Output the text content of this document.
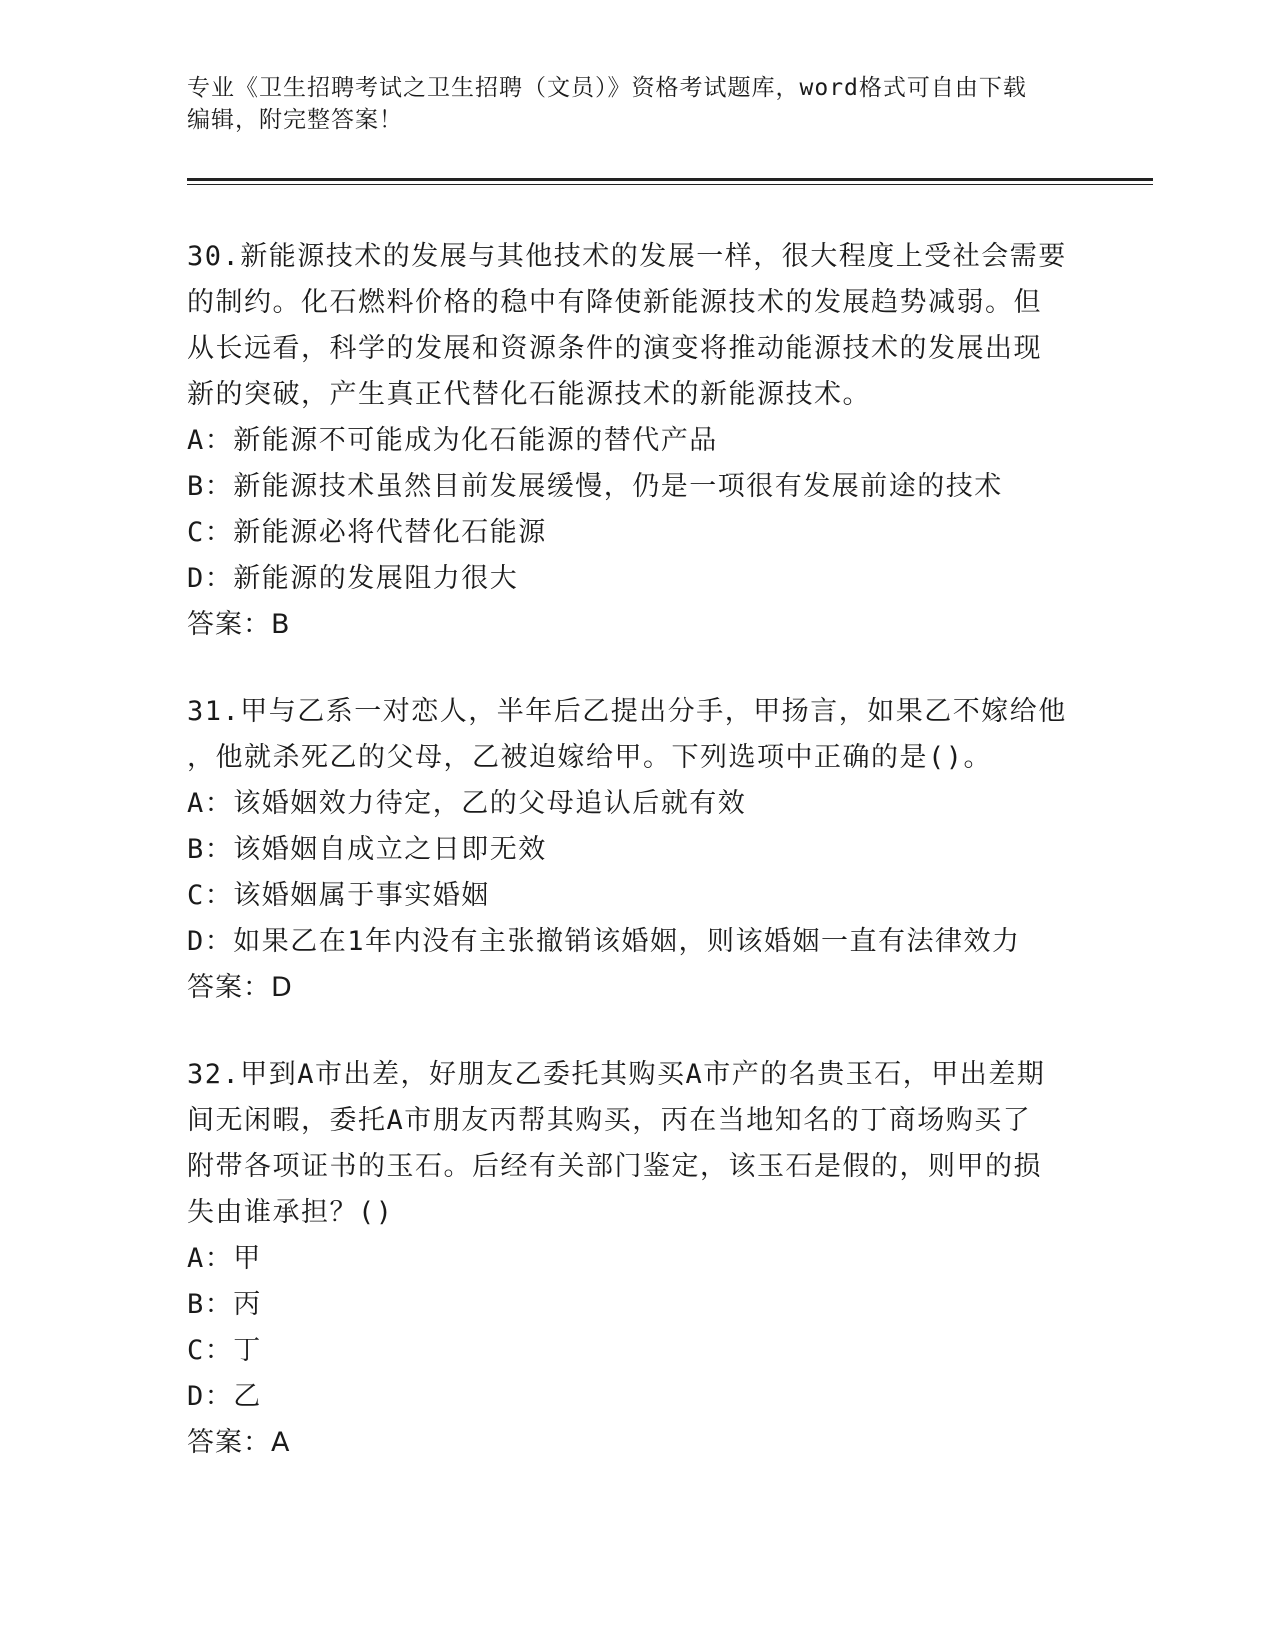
专业《卫生招聘考试之卫生招聘（文员）》资格考试题库，word格式可自由下载
编辑，附完整答案！
30.新能源技术的发展与其他技术的发展一样，很大程度上受社会需要
的制约。化石燃料价格的稳中有降使新能源技术的发展趋势减弱。但
从长远看，科学的发展和资源条件的演变将推动能源技术的发展出现
新的突破，产生真正代替化石能源技术的新能源技术。
A：新能源不可能成为化石能源的替代产品
B：新能源技术虽然目前发展缓慢，仍是一项很有发展前途的技术
C：新能源必将代替化石能源
D：新能源的发展阻力很大
答案：B
31.甲与乙系一对恋人，半年后乙提出分手，甲扬言，如果乙不嫁给他
，他就杀死乙的父母，乙被迫嫁给甲。下列选项中正确的是()。
A：该婚姻效力待定，乙的父母追认后就有效
B：该婚姻自成立之日即无效
C：该婚姻属于事实婚姻
D：如果乙在1年内没有主张撤销该婚姻，则该婚姻一直有法律效力
答案：D
32.甲到A市出差，好朋友乙委托其购买A市产的名贵玉石，甲出差期
间无闲暇，委托A市朋友丙帮其购买，丙在当地知名的丁商场购买了
附带各项证书的玉石。后经有关部门鉴定，该玉石是假的，则甲的损
失由谁承担？()
A：甲
B：丙
C：丁
D：乙
答案：A
